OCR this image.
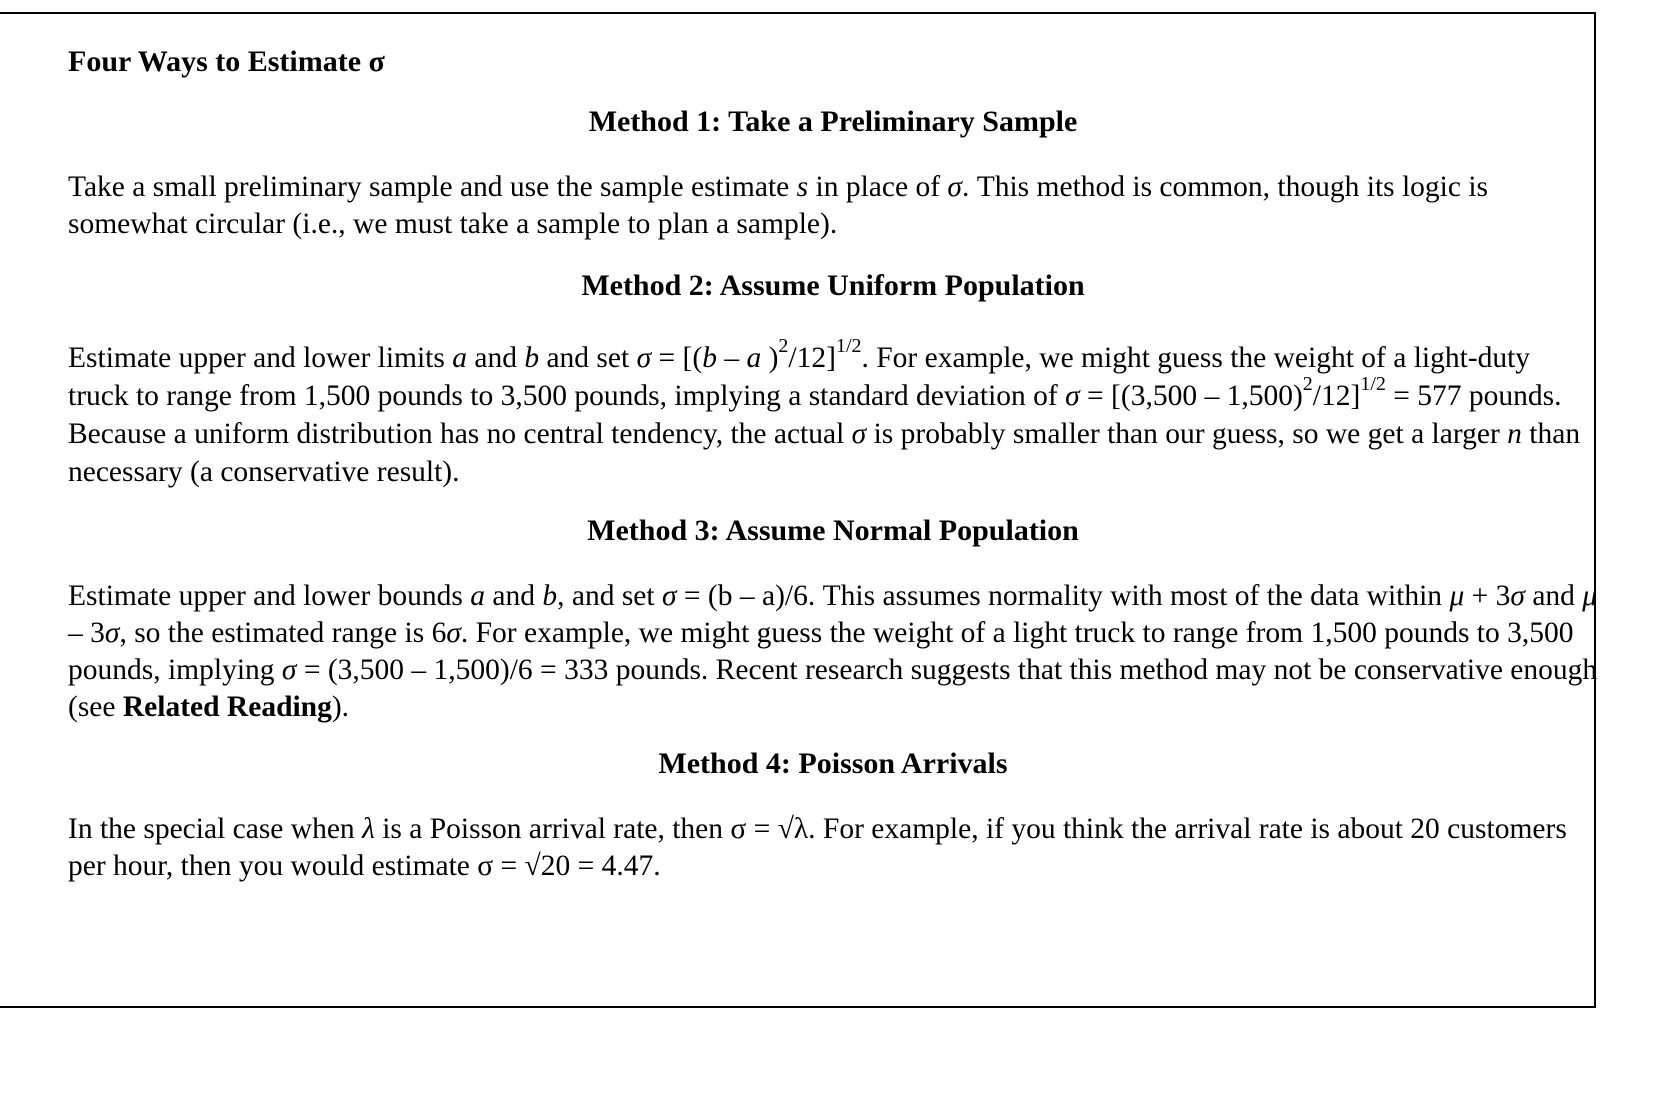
Four Ways to Estimate σ
Method 1: Take a Preliminary Sample

Take a small preliminary sample and use the sample estimate s in place of σ. This method is common, though its logic is somewhat circular (i.e., we must take a sample to plan a sample).

Method 2: Assume Uniform Population

Estimate upper and lower limits a and b and set σ = [(b – a )$^2$/12]$^{1/2}$. For example, we might guess the weight of a light-duty truck to range from 1,500 pounds to 3,500 pounds, implying a standard deviation of σ = [(3,500 – 1,500)$^2$/12]$^{1/2}$ = 577 pounds. Because a uniform distribution has no central tendency, the actual σ is probably smaller than our guess, so we get a larger n than necessary (a conservative result).

Method 3: Assume Normal Population

Estimate upper and lower bounds a and b, and set σ = (b – a)/6. This assumes normality with most of the data within μ + 3σ and μ – 3σ, so the estimated range is 6σ. For example, we might guess the weight of a light truck to range from 1,500 pounds to 3,500 pounds, implying σ = (3,500 – 1,500)/6 = 333 pounds. Recent research suggests that this method may not be conservative enough (see Related Reading).

Method 4: Poisson Arrivals

In the special case when λ is a Poisson arrival rate, then σ = √λ. For example, if you think the arrival rate is about 20 customers per hour, then you would estimate σ = √20 = 4.47.
